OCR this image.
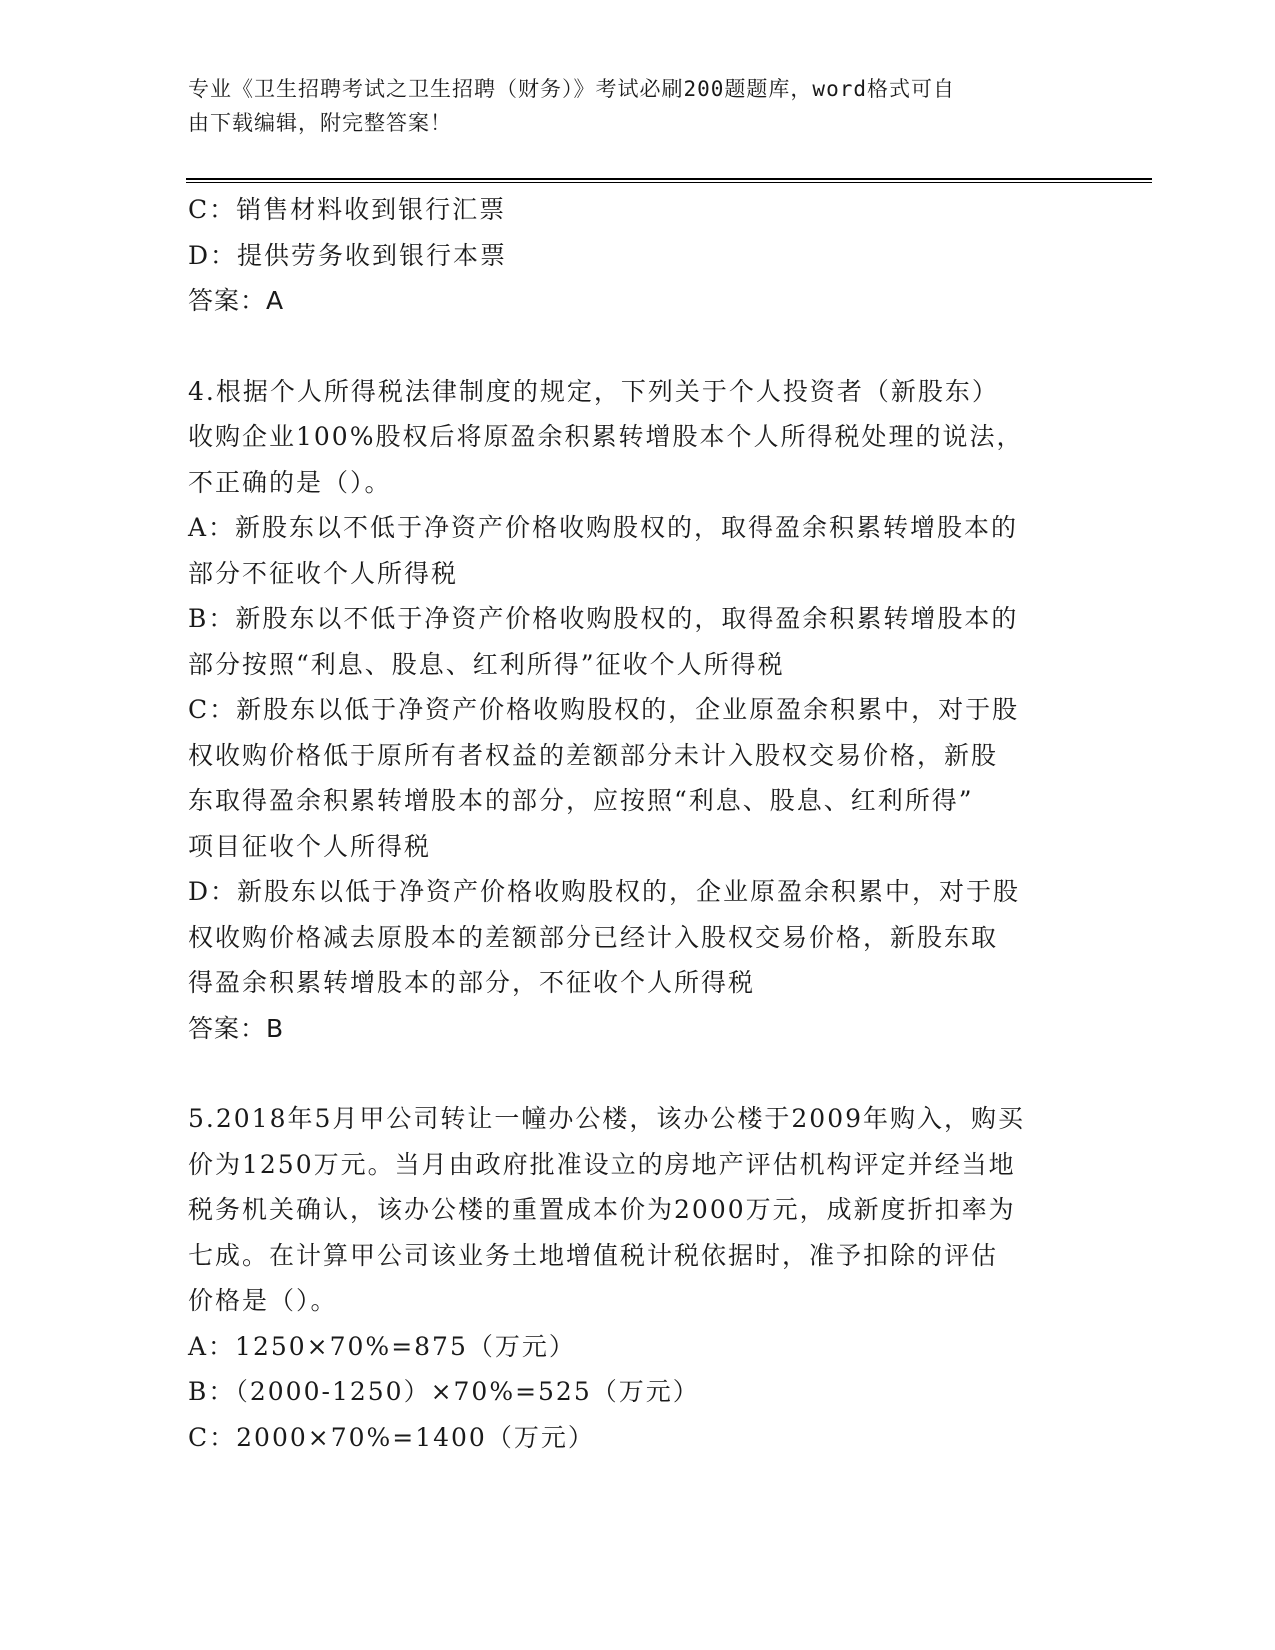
专业《卫生招聘考试之卫生招聘（财务）》考试必刷200题题库，word格式可自
由下载编辑，附完整答案！
C：销售材料收到银行汇票
D：提供劳务收到银行本票
答案：A
4.根据个人所得税法律制度的规定，下列关于个人投资者（新股东）
收购企业100%股权后将原盈余积累转增股本个人所得税处理的说法，
不正确的是（）。
A：新股东以不低于净资产价格收购股权的，取得盈余积累转增股本的
部分不征收个人所得税
B：新股东以不低于净资产价格收购股权的，取得盈余积累转增股本的
部分按照“利息、股息、红利所得”征收个人所得税
C：新股东以低于净资产价格收购股权的，企业原盈余积累中，对于股
权收购价格低于原所有者权益的差额部分未计入股权交易价格，新股
东取得盈余积累转增股本的部分，应按照“利息、股息、红利所得”
项目征收个人所得税
D：新股东以低于净资产价格收购股权的，企业原盈余积累中，对于股
权收购价格减去原股本的差额部分已经计入股权交易价格，新股东取
得盈余积累转增股本的部分，不征收个人所得税
答案：B
5.2018年5月甲公司转让一幢办公楼，该办公楼于2009年购入，购买
价为1250万元。当月由政府批准设立的房地产评估机构评定并经当地
税务机关确认，该办公楼的重置成本价为2000万元，成新度折扣率为
七成。在计算甲公司该业务土地增值税计税依据时，准予扣除的评估
价格是（）。
A：1250×70%=875（万元）
B：（2000-1250）×70%=525（万元）
C：2000×70%=1400（万元）
